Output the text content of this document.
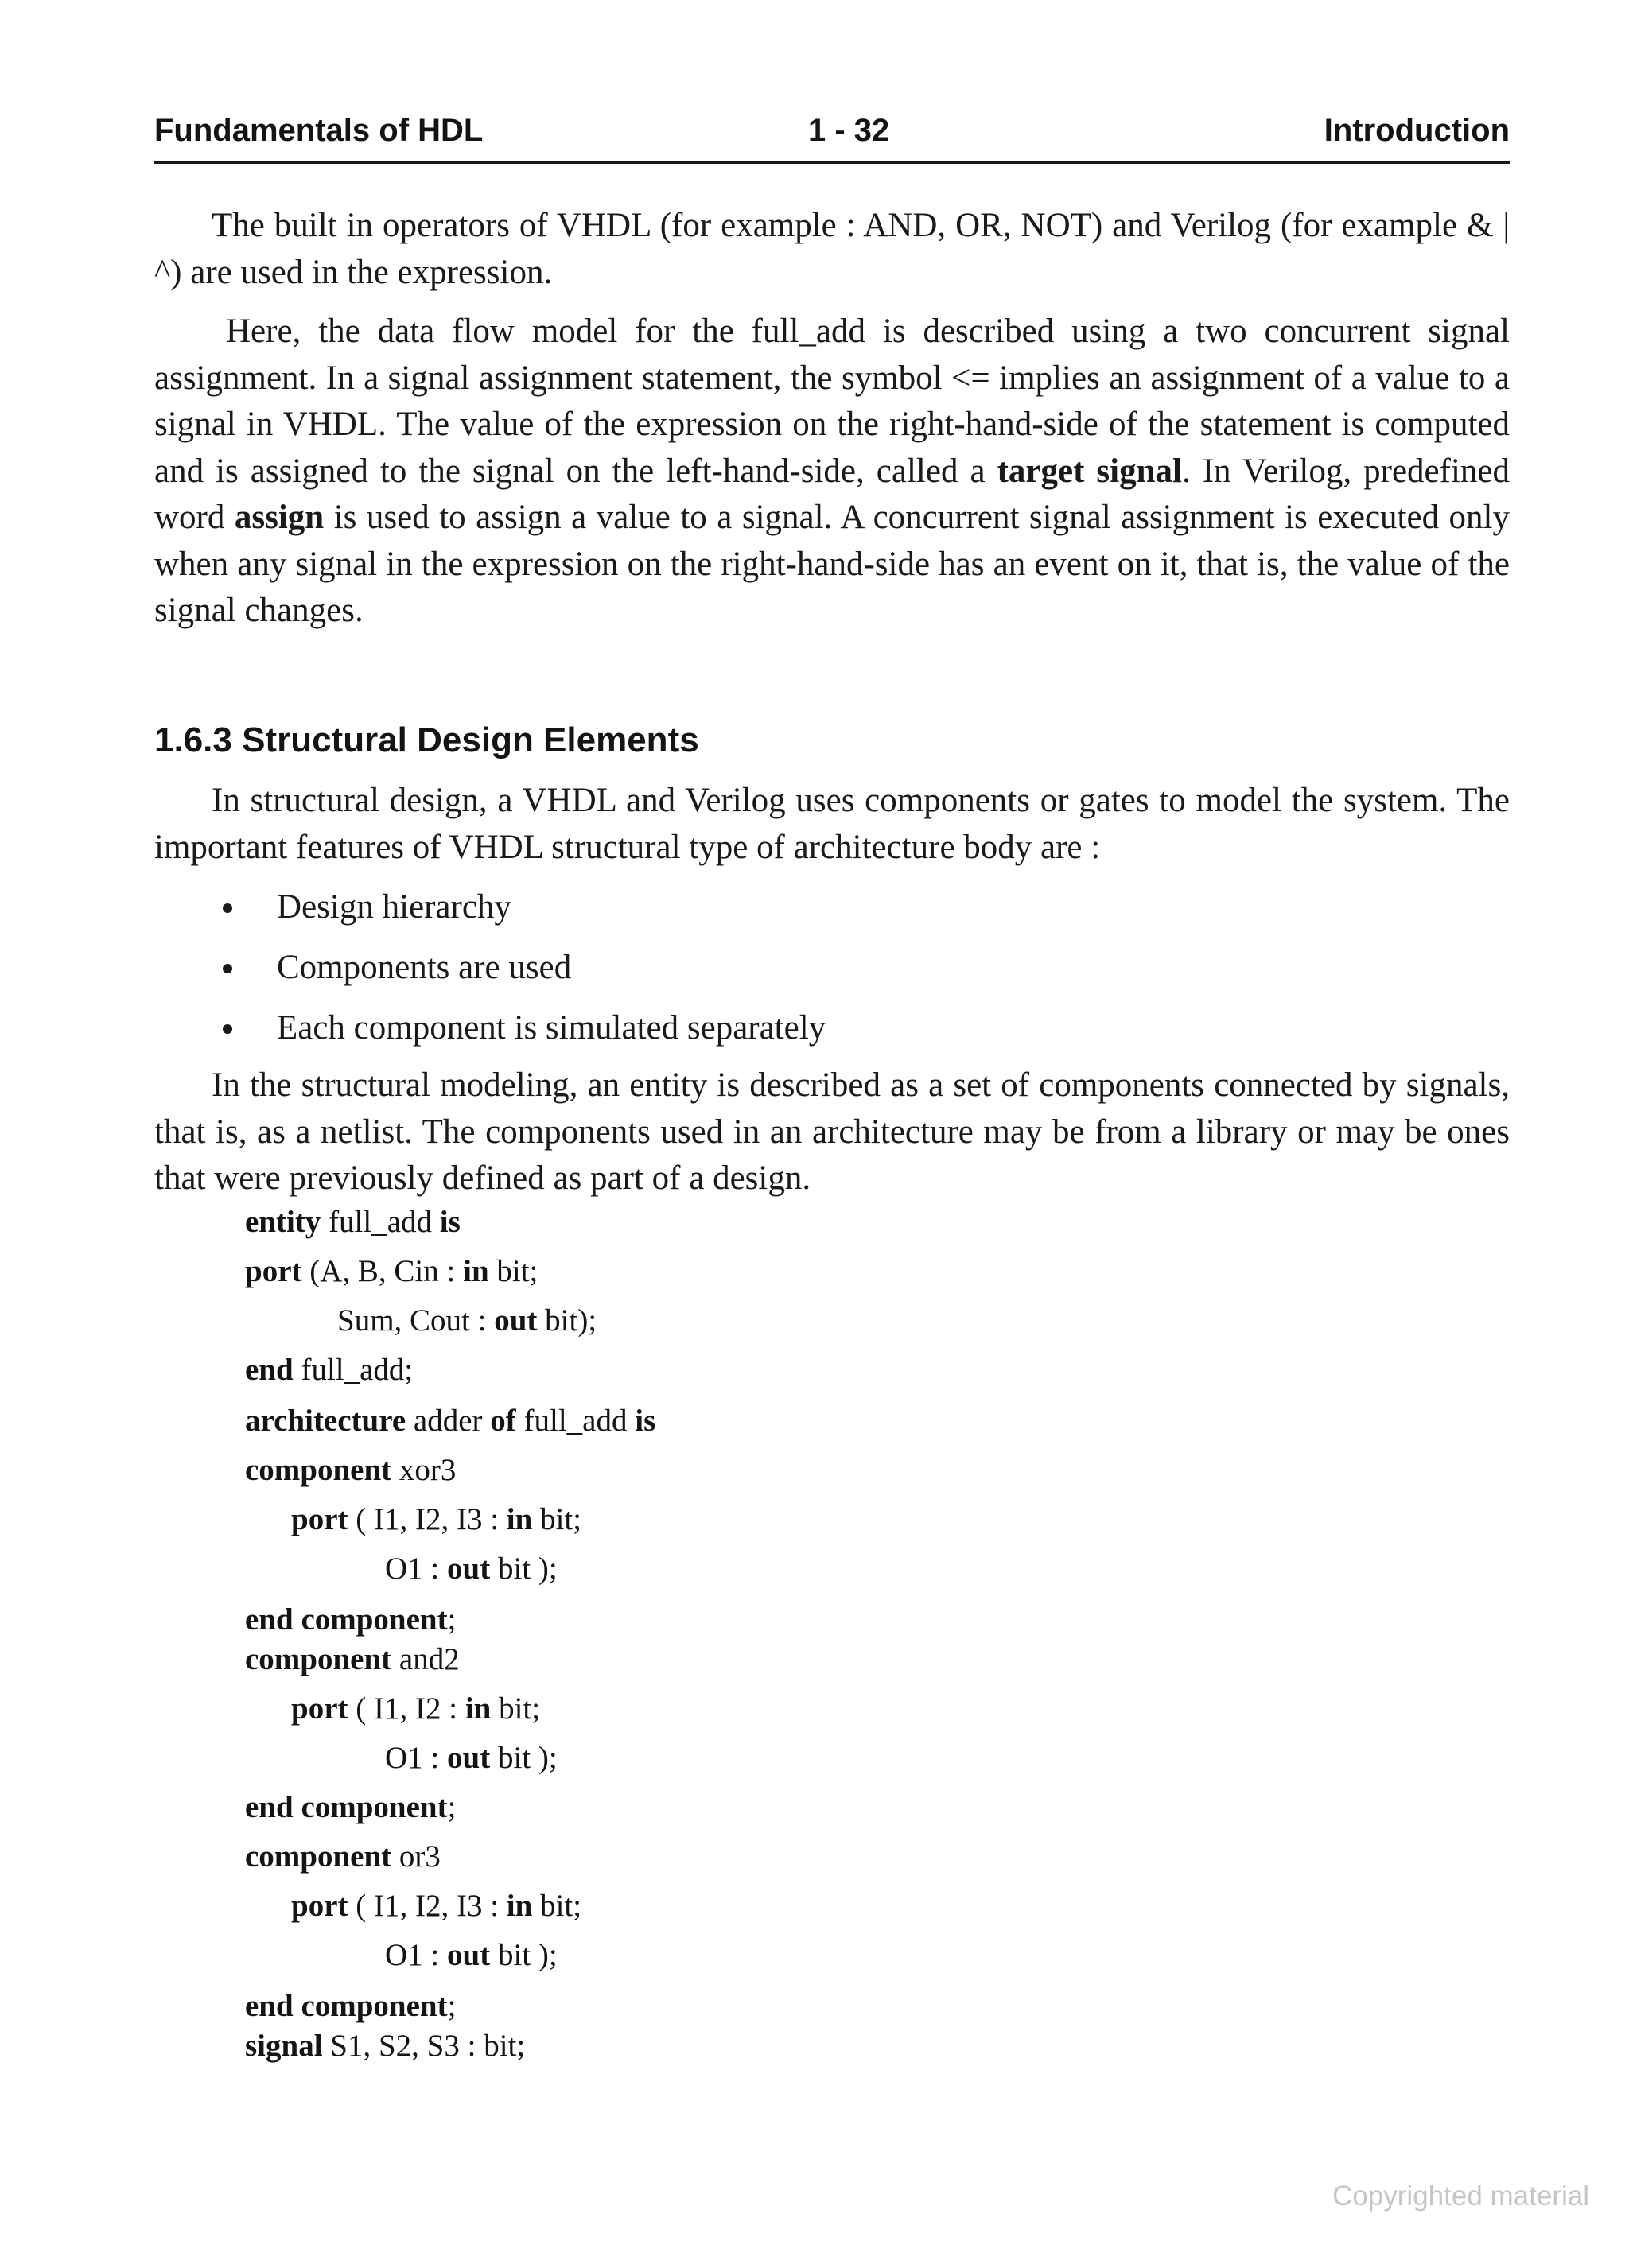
Fundamentals of HDL	1 - 32	Introduction

The built in operators of VHDL (for example : AND, OR, NOT) and Verilog (for example & | ^) are used in the expression.

Here, the data flow model for the full_add is described using a two concurrent signal assignment. In a signal assignment statement, the symbol <= implies an assignment of a value to a signal in VHDL. The value of the expression on the right-hand-side of the statement is computed and is assigned to the signal on the left-hand-side, called a target signal. In Verilog, predefined word assign is used to assign a value to a signal. A concurrent signal assignment is executed only when any signal in the expression on the right-hand-side has an event on it, that is, the value of the signal changes.

1.6.3 Structural Design Elements

In structural design, a VHDL and Verilog uses components or gates to model the system. The important features of VHDL structural type of architecture body are :

Design hierarchy
Components are used
Each component is simulated separately

In the structural modeling, an entity is described as a set of components connected by signals, that is, as a netlist. The components used in an architecture may be from a library or may be ones that were previously defined as part of a design.

entity full_add is
port (A, B, Cin : in bit;
Sum, Cout : out bit);
end full_add;
architecture adder of full_add is
component xor3
port ( I1, I2, I3 : in bit;
O1 : out bit );
end component;
component and2
port ( I1, I2 : in bit;
O1 : out bit );
end component;
component or3
port ( I1, I2, I3 : in bit;
O1 : out bit );
end component;
signal S1, S2, S3 : bit;
Copyrighted material
